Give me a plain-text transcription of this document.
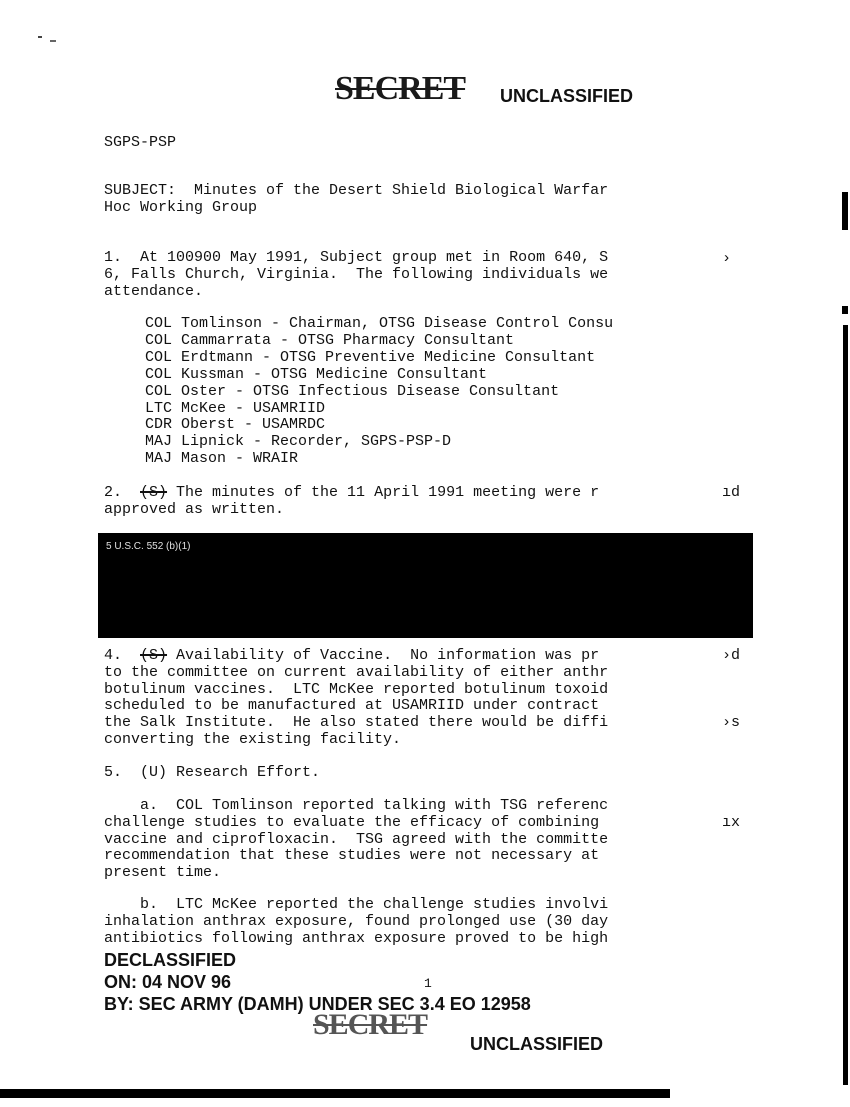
SECRET UNCLASSIFIED
SGPS-PSP
SUBJECT:  Minutes of the Desert Shield Biological Warfar
Hoc Working Group
1.  At 100900 May 1991, Subject group met in Room 640, S
6, Falls Church, Virginia.  The following individuals we
attendance.
COL Tomlinson - Chairman, OTSG Disease Control Consu
COL Cammarrata - OTSG Pharmacy Consultant
COL Erdtmann - OTSG Preventive Medicine Consultant
COL Kussman - OTSG Medicine Consultant
COL Oster - OTSG Infectious Disease Consultant
LTC McKee - USAMRIID
CDR Oberst - USAMRDC
MAJ Lipnick - Recorder, SGPS-PSP-D
MAJ Mason - WRAIR
2.  (S) The minutes of the 11 April 1991 meeting were r
approved as written.
5 U.S.C. 552 (b)(1)
4.  (S) Availability of Vaccine.  No information was pr
to the committee on current availability of either anthr
botulinum vaccines.  LTC McKee reported botulinum toxoid
scheduled to be manufactured at USAMRIID under contract
the Salk Institute.  He also stated there would be diffi
converting the existing facility.
5.  (U) Research Effort.
a.  COL Tomlinson reported talking with TSG referenc
challenge studies to evaluate the efficacy of combining
vaccine and ciprofloxacin.  TSG agreed with the committe
recommendation that these studies were not necessary at
present time.
b.  LTC McKee reported the challenge studies involvi
inhalation anthrax exposure, found prolonged use (30 day
antibiotics following anthrax exposure proved to be high
›
ıd
›d
›s
ıx
DECLASSIFIED
ON: 04 NOV 96
BY: SEC ARMY (DAMH) UNDER SEC 3.4 EO 12958
1
SECRET
UNCLASSIFIED
